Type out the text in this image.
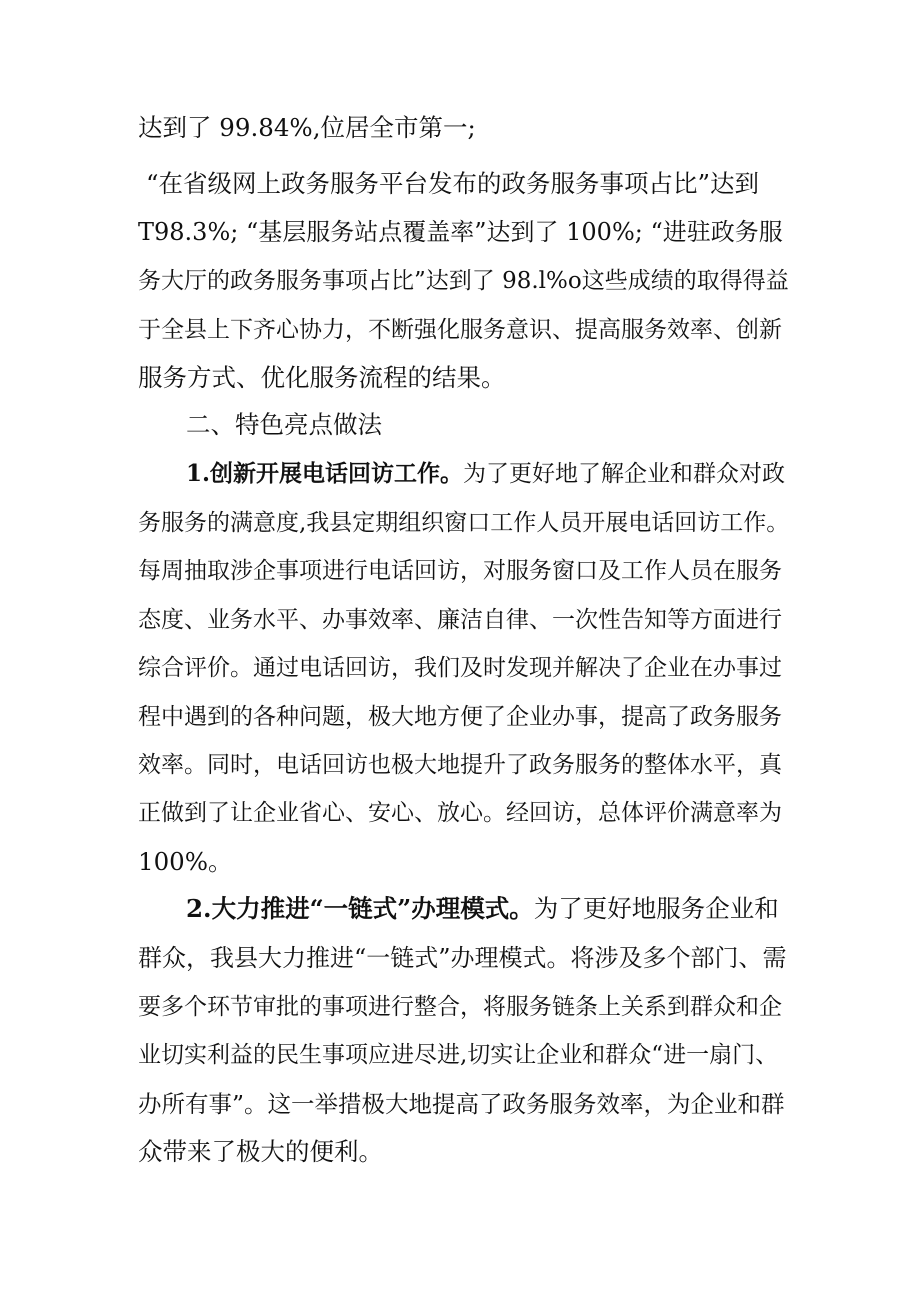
达到了 99.84%,位居全市第一;
“在省级网上政务服务平台发布的政务服务事项占比”达到
T98.3%; “基层服务站点覆盖率”达到了 100%; “进驻政务服
务大厅的政务服务事项占比”达到了 98.l%o这些成绩的取得得益
于全县上下齐心协力，不断强化服务意识、提高服务效率、创新
服务方式、优化服务流程的结果。
二、特色亮点做法
1.创新开展电话回访工作。为了更好地了解企业和群众对政
务服务的满意度,我县定期组织窗口工作人员开展电话回访工作。
每周抽取涉企事项进行电话回访，对服务窗口及工作人员在服务
态度、业务水平、办事效率、廉洁自律、一次性告知等方面进行
综合评价。通过电话回访，我们及时发现并解决了企业在办事过
程中遇到的各种问题，极大地方便了企业办事，提高了政务服务
效率。同时，电话回访也极大地提升了政务服务的整体水平，真
正做到了让企业省心、安心、放心。经回访，总体评价满意率为
100%。
2.大力推进“一链式”办理模式。为了更好地服务企业和
群众，我县大力推进“一链式”办理模式。将涉及多个部门、需
要多个环节审批的事项进行整合，将服务链条上关系到群众和企
业切实利益的民生事项应进尽进,切实让企业和群众“进一扇门、
办所有事”。这一举措极大地提高了政务服务效率，为企业和群
众带来了极大的便利。
